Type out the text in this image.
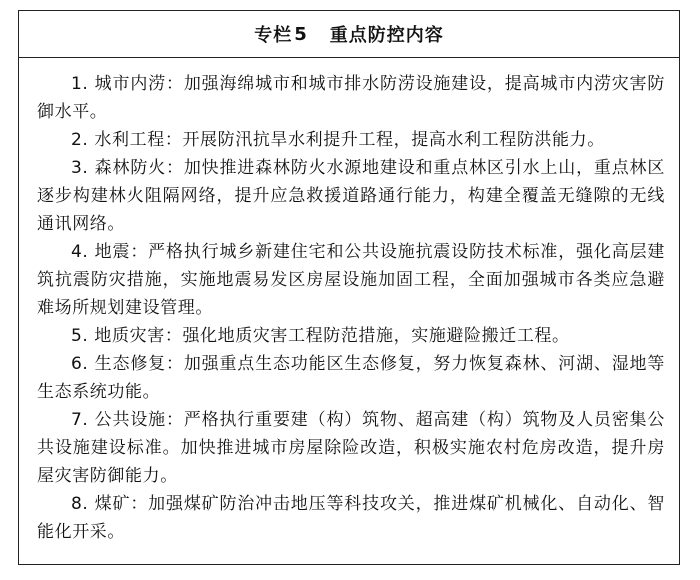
专栏 5 重点防控内容

1. 城市内涝：加强海绵城市和城市排水防涝设施建设，提高城市内涝灾害防御水平。

2. 水利工程：开展防汛抗旱水利提升工程，提高水利工程防洪能力。

3. 森林防火：加快推进森林防火水源地建设和重点林区引水上山，重点林区逐步构建林火阻隔网络，提升应急救援道路通行能力，构建全覆盖无缝隙的无线通讯网络。

4. 地震：严格执行城乡新建住宅和公共设施抗震设防技术标准，强化高层建筑抗震防灾措施，实施地震易发区房屋设施加固工程，全面加强城市各类应急避难场所规划建设管理。

5. 地质灾害：强化地质灾害工程防范措施，实施避险搬迁工程。

6. 生态修复：加强重点生态功能区生态修复，努力恢复森林、河湖、湿地等生态系统功能。

7. 公共设施：严格执行重要建（构）筑物、超高建（构）筑物及人员密集公共设施建设标准。加快推进城市房屋除险改造，积极实施农村危房改造，提升房屋灾害防御能力。

8. 煤矿：加强煤矿防治冲击地压等科技攻关，推进煤矿机械化、自动化、智能化开采。
